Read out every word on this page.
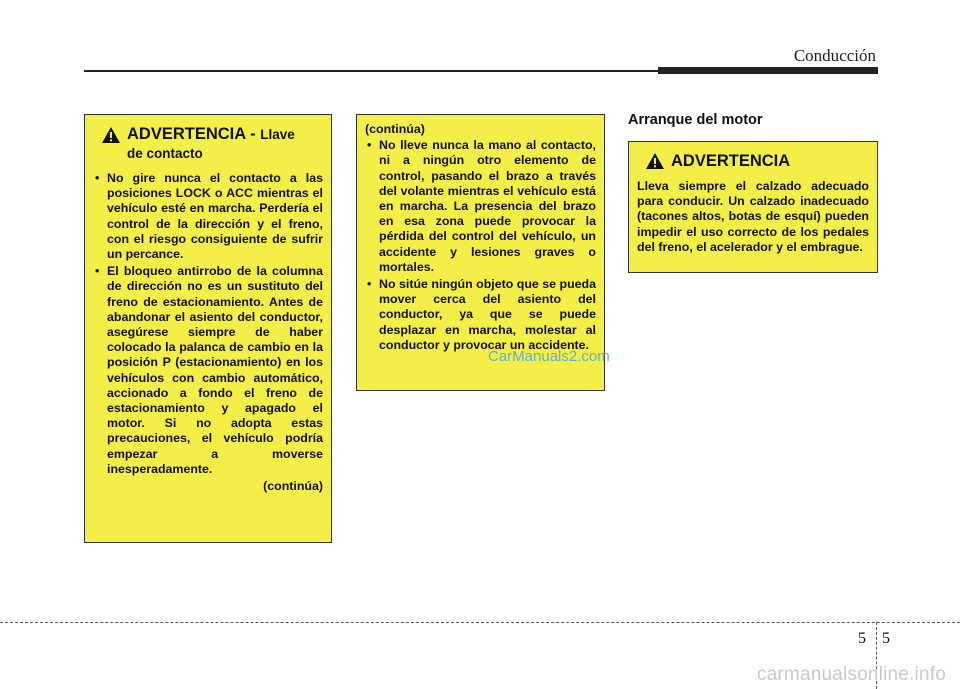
Conducción
ADVERTENCIA - Llave
de contacto
• No gire nunca el contacto a las posiciones LOCK o ACC mientras el vehículo esté en marcha. Perdería el control de la dirección y el freno, con el riesgo consiguiente de sufrir un percance.
• El bloqueo antirrobo de la columna de dirección no es un sustituto del freno de estacionamiento. Antes de abandonar el asiento del conductor, asegúrese siempre de haber colocado la palanca de cambio en la posición P (estacionamiento) en los vehículos con cambio automático, accionado a fondo el freno de estacionamiento y apagado el motor. Si no adopta estas precauciones, el vehículo podría empezar a moverse inesperadamente.
(continúa)
(continúa)
• No lleve nunca la mano al contacto, ni a ningún otro elemento de control, pasando el brazo a través del volante mientras el vehículo está en marcha. La presencia del brazo en esa zona puede provocar la pérdida del control del vehículo, un accidente y lesiones graves o mortales.
• No sitúe ningún objeto que se pueda mover cerca del asiento del conductor, ya que se puede desplazar en marcha, molestar al conductor y provocar un accidente.
CarManuals2.com
Arranque del motor
ADVERTENCIA

Lleva siempre el calzado adecuado para conducir. Un calzado inadecuado (tacones altos, botas de esquí) pueden impedir el uso correcto de los pedales del freno, el acelerador y el embrague.

5 5
carmanualsonline.info
